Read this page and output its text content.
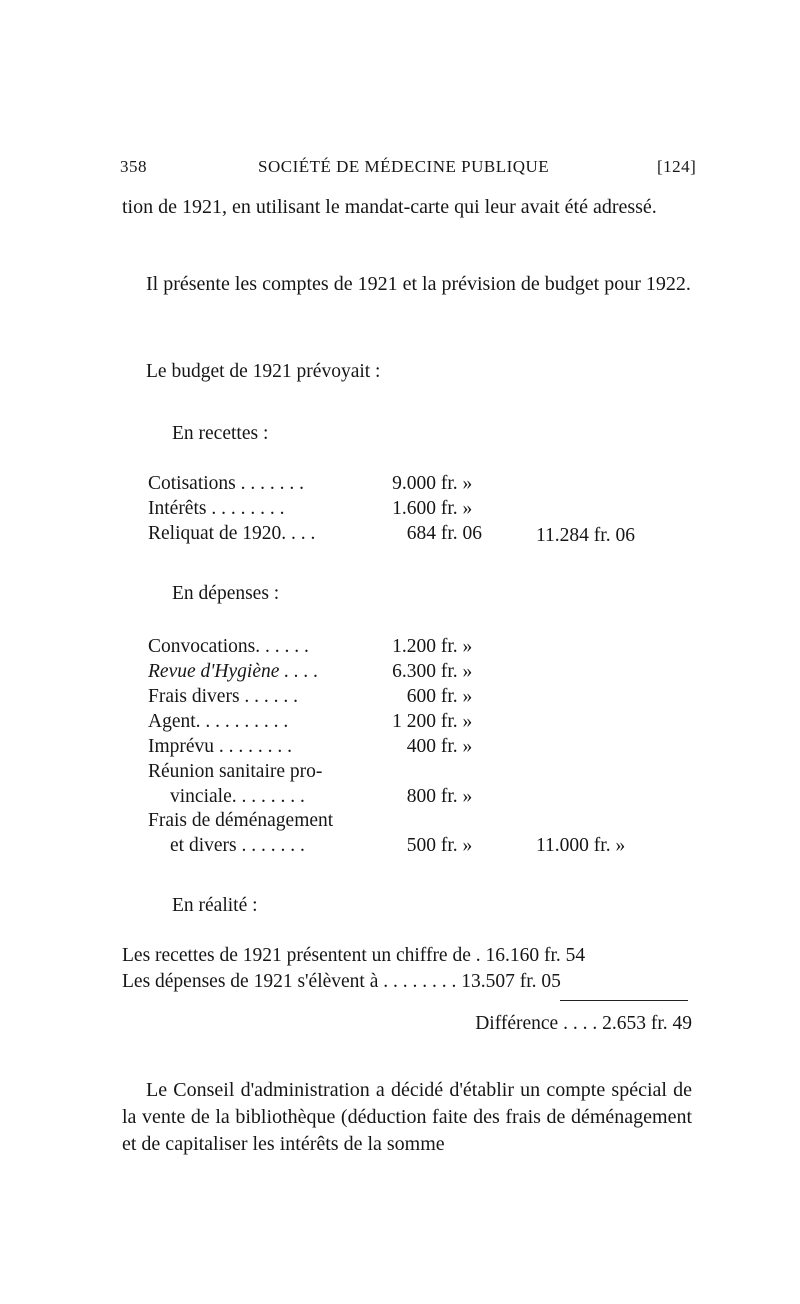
358	SOCIÉTÉ DE MÉDECINE PUBLIQUE	[124]
tion de 1921, en utilisant le mandat-carte qui leur avait été adressé.
Il présente les comptes de 1921 et la prévision de budget pour 1922.
Le budget de 1921 prévoyait :
En recettes :
Cotisations . . . . . . .	9.000 fr. »
Intérêts . . . . . . . .	1.600 fr. »
Reliquat de 1920. . . .	684 fr. 06	11.284 fr. 06
En dépenses :
Convocations. . . . . .	1.200 fr. »
Revue d'Hygiène . . . .	6.300 fr. »
Frais divers . . . . . .	600 fr. »
Agent. . . . . . . . . .	1 200 fr. »
Imprévu . . . . . . . .	400 fr. »
Réunion sanitaire pro-
vinciale. . . . . . . .	800 fr. »
Frais de déménagement
et divers . . . . . . .	500 fr. »	11.000 fr. »
En réalité :
Les recettes de 1921 présentent un chiffre de . 16.160 fr. 54
Les dépenses de 1921 s'élèvent à . . . . . . . . 13.507 fr. 05
Différence . . . . 2.653 fr. 49
Le Conseil d'administration a décidé d'établir un compte spécial de la vente de la bibliothèque (déduction faite des frais de déménagement et de capitaliser les intérêts de la somme
